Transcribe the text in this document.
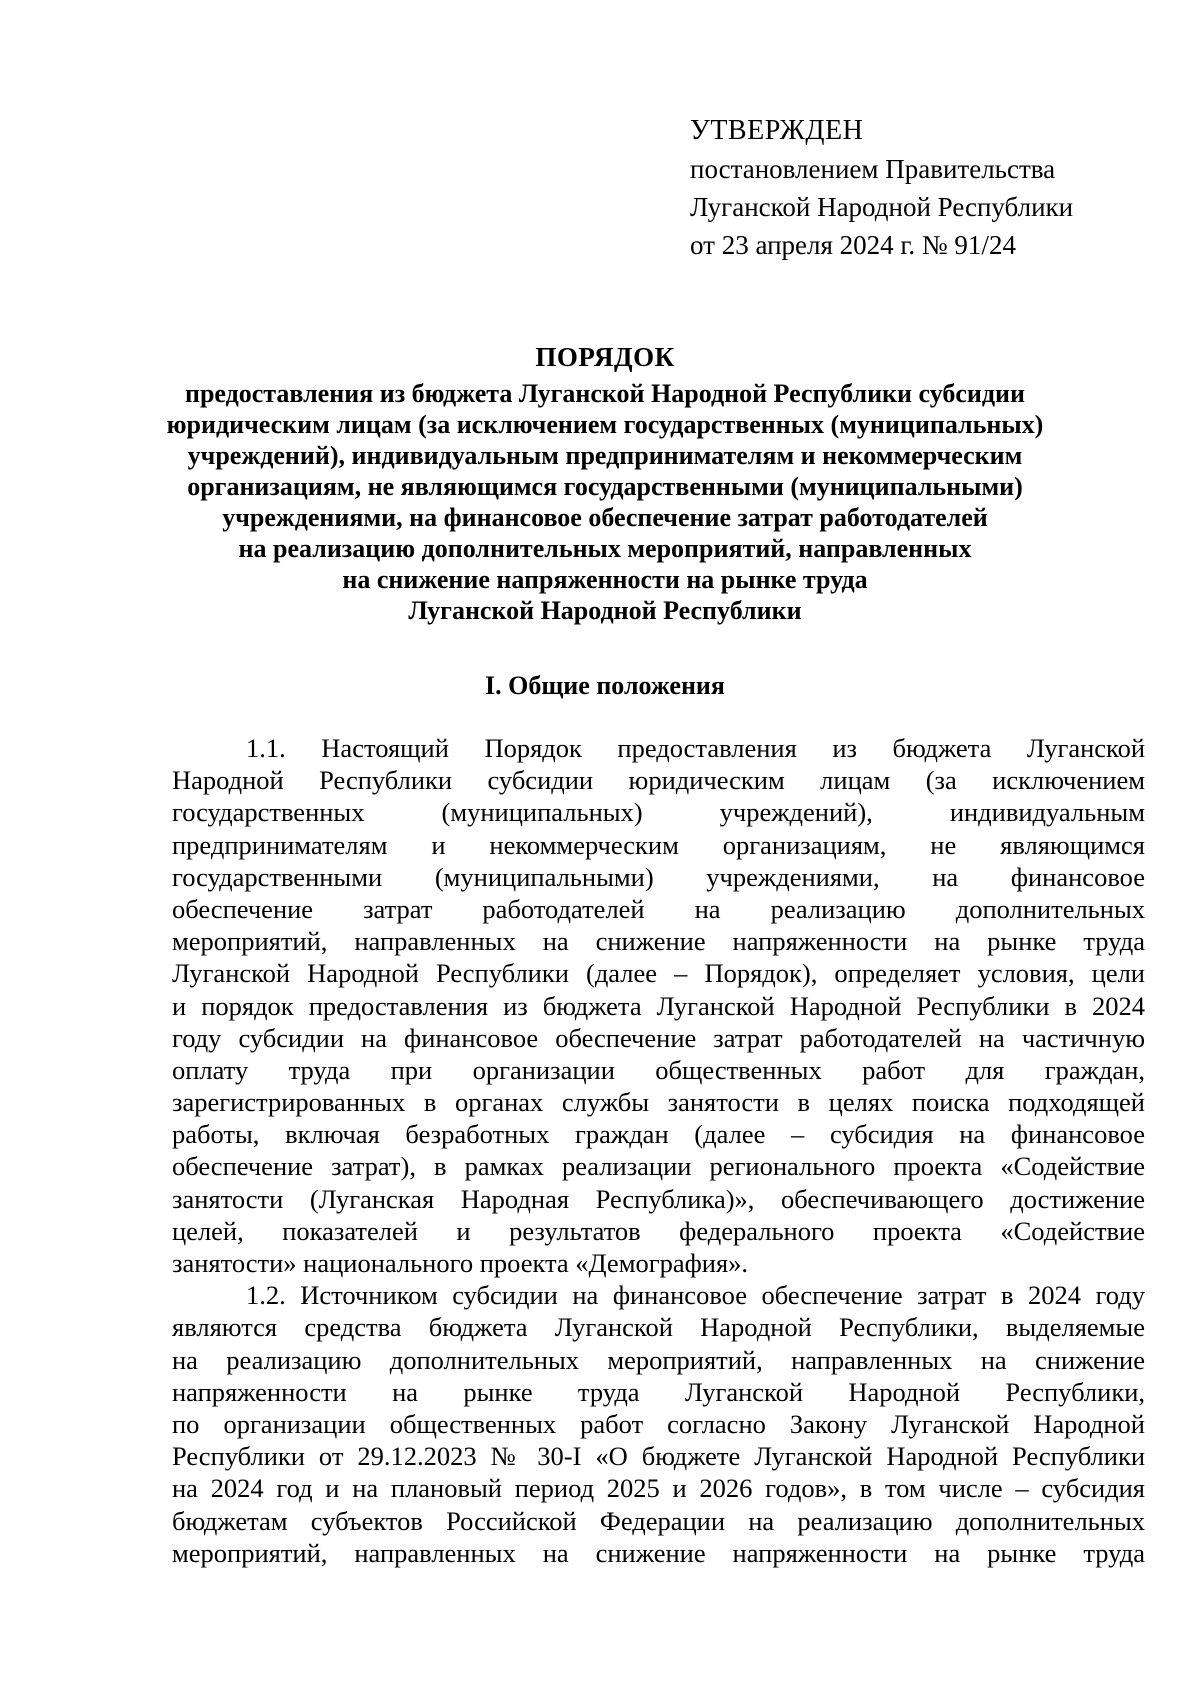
УТВЕРЖДЕН
постановлением Правительства
Луганской Народной Республики
от 23 апреля 2024 г. № 91/24
ПОРЯДОК
предоставления из бюджета Луганской Народной Республики субсидии
юридическим лицам (за исключением государственных (муниципальных)
учреждений), индивидуальным предпринимателям и некоммерческим
организациям, не являющимся государственными (муниципальными)
учреждениями, на финансовое обеспечение затрат работодателей
на реализацию дополнительных мероприятий, направленных
на снижение напряженности на рынке труда
Луганской Народной Республики
I. Общие положения
1.1. Настоящий Порядок предоставления из бюджета Луганской
Народной Республики субсидии юридическим лицам (за исключением
государственных (муниципальных) учреждений), индивидуальным
предпринимателям и некоммерческим организациям, не являющимся
государственными (муниципальными) учреждениями, на финансовое
обеспечение затрат работодателей на реализацию дополнительных
мероприятий, направленных на снижение напряженности на рынке труда
Луганской Народной Республики (далее – Порядок), определяет условия, цели
и порядок предоставления из бюджета Луганской Народной Республики в 2024
году субсидии на финансовое обеспечение затрат работодателей на частичную
оплату труда при организации общественных работ для граждан,
зарегистрированных в органах службы занятости в целях поиска подходящей
работы, включая безработных граждан (далее – субсидия на финансовое
обеспечение затрат), в рамках реализации регионального проекта «Содействие
занятости (Луганская Народная Республика)», обеспечивающего достижение
целей, показателей и результатов федерального проекта «Содействие
занятости» национального проекта «Демография».
1.2. Источником субсидии на финансовое обеспечение затрат в 2024 году
являются средства бюджета Луганской Народной Республики, выделяемые
на реализацию дополнительных мероприятий, направленных на снижение
напряженности на рынке труда Луганской Народной Республики,
по организации общественных работ согласно Закону Луганской Народной
Республики от 29.12.2023 № 30-I «О бюджете Луганской Народной Республики
на 2024 год и на плановый период 2025 и 2026 годов», в том числе – субсидия
бюджетам субъектов Российской Федерации на реализацию дополнительных
мероприятий, направленных на снижение напряженности на рынке труда
